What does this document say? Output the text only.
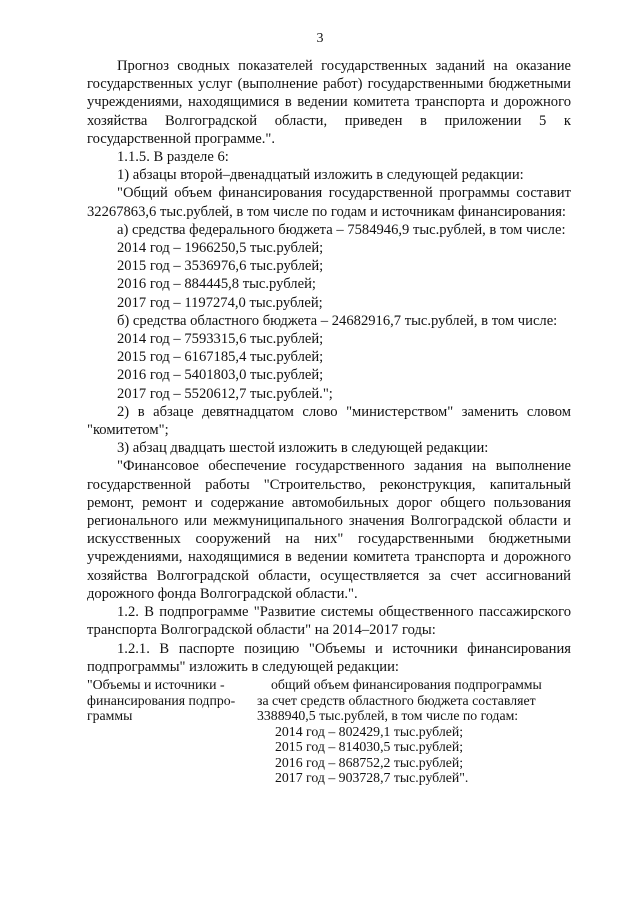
3

Прогноз сводных показателей государственных заданий на оказание государственных услуг (выполнение работ) государственными бюджетными учреждениями, находящимися в ведении комитета транспорта и дорожного хозяйства Волгоградской области, приведен в приложении 5 к государственной программе.".

1.1.5. В разделе 6:

1) абзацы второй–двенадцатый изложить в следующей редакции:

"Общий объем финансирования государственной программы составит 32267863,6 тыс.рублей, в том числе по годам и источникам финансирования:

а) средства федерального бюджета – 7584946,9 тыс.рублей, в том числе:

2014 год – 1966250,5 тыс.рублей;

2015 год – 3536976,6 тыс.рублей;

2016 год – 884445,8 тыс.рублей;

2017 год – 1197274,0 тыс.рублей;

б) средства областного бюджета – 24682916,7 тыс.рублей, в том числе:

2014 год – 7593315,6 тыс.рублей;

2015 год – 6167185,4 тыс.рублей;

2016 год – 5401803,0 тыс.рублей;

2017 год – 5520612,7 тыс.рублей.";

2) в абзаце девятнадцатом слово "министерством" заменить словом "комитетом";

3) абзац двадцать шестой изложить в следующей редакции:

"Финансовое обеспечение государственного задания на выполнение государственной работы "Строительство, реконструкция, капитальный ремонт, ремонт и содержание автомобильных дорог общего пользования регионального или межмуниципального значения Волгоградской области и искусственных сооружений на них" государственными бюджетными учреждениями, находящимися в ведении комитета транспорта и дорожного хозяйства Волгоградской области, осуществляется за счет ассигнований дорожного фонда Волгоградской области.".

1.2. В подпрограмме "Развитие системы общественного пассажирского транспорта Волгоградской области" на 2014–2017 годы:

1.2.1. В паспорте позицию "Объемы и источники финансирования подпрограммы" изложить в следующей редакции:

"Объемы и источники -
финансирования подпро-
граммы
общий объем финансирования подпрограммы
за счет средств областного бюджета составляет
3388940,5 тыс.рублей, в том числе по годам:
2014 год – 802429,1 тыс.рублей;
2015 год – 814030,5 тыс.рублей;
2016 год – 868752,2 тыс.рублей;
2017 год – 903728,7 тыс.рублей".
